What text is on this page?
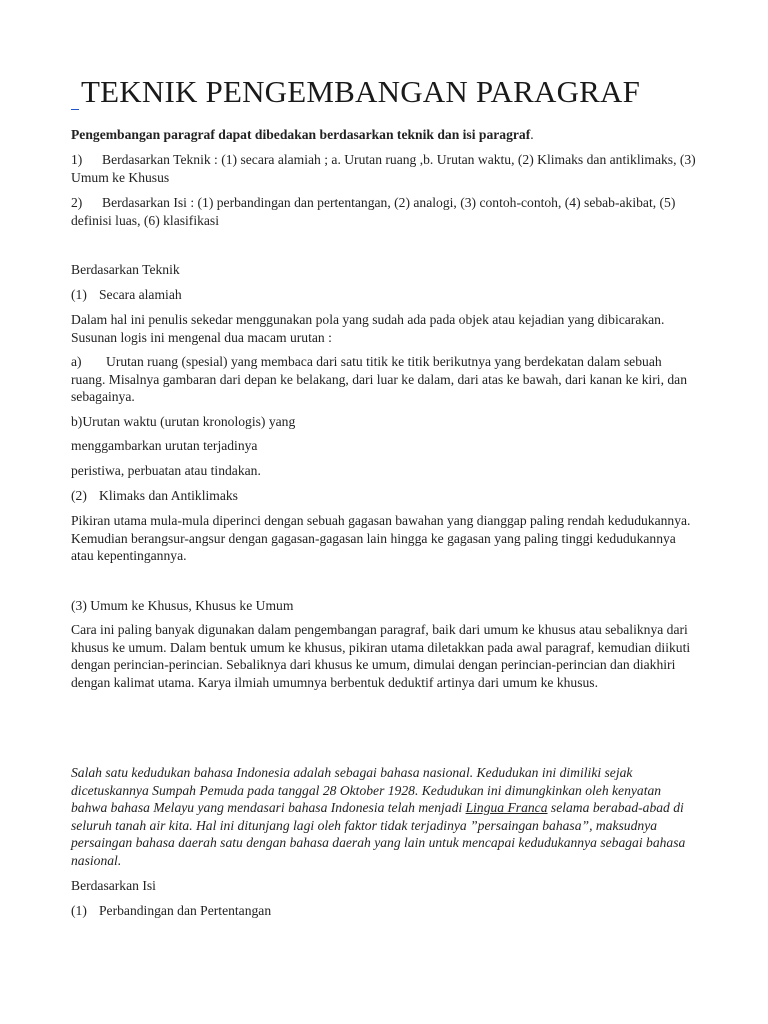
TEKNIK PENGEMBANGAN PARAGRAF
Pengembangan paragraf dapat dibedakan berdasarkan teknik dan isi paragraf.
1) Berdasarkan Teknik : (1) secara alamiah ; a. Urutan ruang ,b. Urutan waktu, (2) Klimaks dan antiklimaks, (3) Umum ke Khusus
2) Berdasarkan Isi : (1) perbandingan dan pertentangan, (2) analogi, (3) contoh-contoh, (4) sebab-akibat, (5) definisi luas, (6) klasifikasi
Berdasarkan Teknik
(1) Secara alamiah
Dalam hal ini penulis sekedar menggunakan pola yang sudah ada pada objek atau kejadian yang dibicarakan. Susunan logis ini mengenal dua macam urutan :
a) Urutan ruang (spesial) yang membaca dari satu titik ke titik berikutnya yang berdekatan dalam sebuah ruang. Misalnya gambaran dari depan ke belakang, dari luar ke dalam, dari atas ke bawah, dari kanan ke kiri, dan sebagainya.
b)Urutan waktu (urutan kronologis) yang
menggambarkan urutan terjadinya
peristiwa, perbuatan atau tindakan.
(2) Klimaks dan Antiklimaks
Pikiran utama mula-mula diperinci dengan sebuah gagasan bawahan yang dianggap paling rendah kedudukannya. Kemudian berangsur-angsur dengan gagasan-gagasan lain hingga ke gagasan yang paling tinggi kedudukannya atau kepentingannya.
(3) Umum ke Khusus, Khusus ke Umum
Cara ini paling banyak digunakan dalam pengembangan paragraf, baik dari umum ke khusus atau sebaliknya dari khusus ke umum. Dalam bentuk umum ke khusus, pikiran utama diletakkan pada awal paragraf, kemudian diikuti dengan perincian-perincian. Sebaliknya dari khusus ke umum, dimulai dengan perincian-perincian dan diakhiri dengan kalimat utama. Karya ilmiah umumnya berbentuk deduktif artinya dari umum ke khusus.
Salah satu kedudukan bahasa Indonesia adalah sebagai bahasa nasional. Kedudukan ini dimiliki sejak dicetuskannya Sumpah Pemuda pada tanggal 28 Oktober 1928. Kedudukan ini dimungkinkan oleh kenyatan bahwa bahasa Melayu yang mendasari bahasa Indonesia telah menjadi Lingua Franca selama berabad-abad di seluruh tanah air kita. Hal ini ditunjang lagi oleh faktor tidak terjadinya ”persaingan bahasa”, maksudnya persaingan bahasa daerah satu dengan bahasa daerah yang lain untuk mencapai kedudukannya sebagai bahasa nasional.
Berdasarkan Isi
(1) Perbandingan dan Pertentangan
